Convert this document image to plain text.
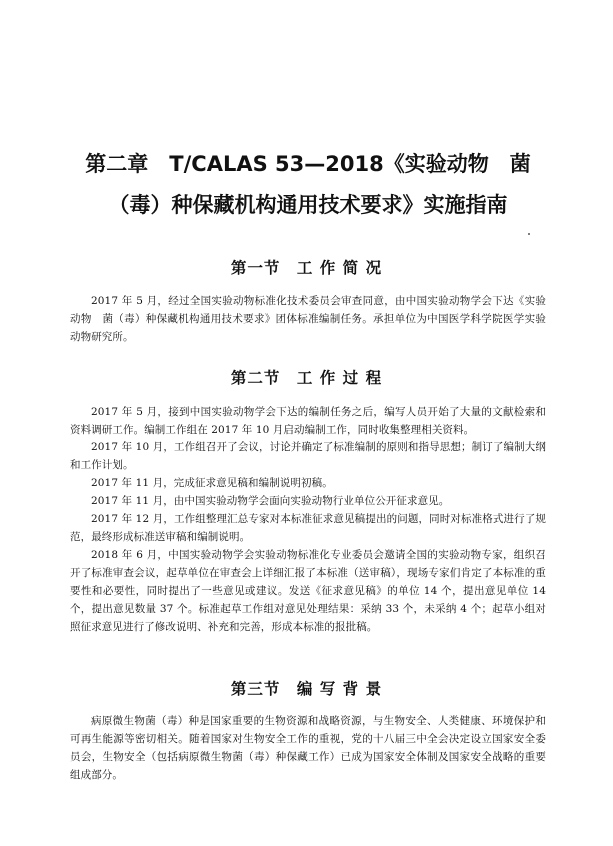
第二章　T/CALAS 53—2018《实验动物　菌
（毒）种保藏机构通用技术要求》实施指南
第一节　工 作 简 况

2017 年 5 月，经过全国实验动物标准化技术委员会审查同意，由中国实验动物学会下达《实验动物　菌（毒）种保藏机构通用技术要求》团体标准编制任务。承担单位为中国医学科学院医学实验动物研究所。

第二节　工 作 过 程

2017 年 5 月，接到中国实验动物学会下达的编制任务之后，编写人员开始了大量的文献检索和资料调研工作。编制工作组在 2017 年 10 月启动编制工作，同时收集整理相关资料。

2017 年 10 月，工作组召开了会议，讨论并确定了标准编制的原则和指导思想；制订了编制大纲和工作计划。

2017 年 11 月，完成征求意见稿和编制说明初稿。

2017 年 11 月，由中国实验动物学会面向实验动物行业单位公开征求意见。

2017 年 12 月，工作组整理汇总专家对本标准征求意见稿提出的问题，同时对标准格式进行了规范，最终形成标准送审稿和编制说明。

2018 年 6 月，中国实验动物学会实验动物标准化专业委员会邀请全国的实验动物专家，组织召开了标准审查会议，起草单位在审查会上详细汇报了本标准（送审稿），现场专家们肯定了本标准的重要性和必要性，同时提出了一些意见或建议。发送《征求意见稿》的单位 14 个，提出意见单位 14 个，提出意见数量 37 个。标准起草工作组对意见处理结果：采纳 33 个，未采纳 4 个；起草小组对照征求意见进行了修改说明、补充和完善，形成本标准的报批稿。

第三节　编 写 背 景

病原微生物菌（毒）种是国家重要的生物资源和战略资源，与生物安全、人类健康、环境保护和可再生能源等密切相关。随着国家对生物安全工作的重视，党的十八届三中全会决定设立国家安全委员会，生物安全（包括病原微生物菌（毒）种保藏工作）已成为国家安全体制及国家安全战略的重要组成部分。
